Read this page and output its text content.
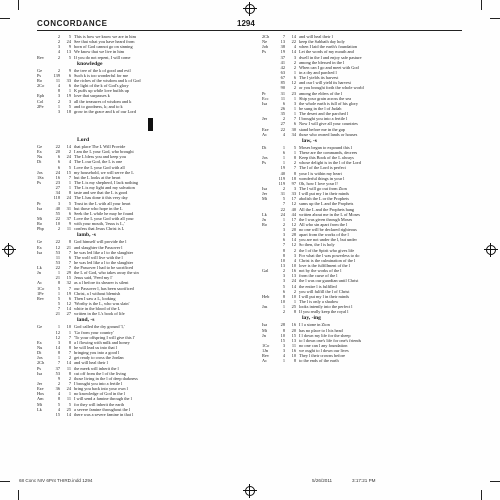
CONCORDANCE	1294
2	5 This is how we know we are in him
2	24 See that what you have heard from
3	9 born of God cannot go on sinning
4	13 We know that we live in him
Rev	2	5 If you do not repent, I will come
knowledge
Ge	2	9 the tree of the k of good and evil
Ps	139	6 Such k is too wonderful for me
Ro	11	33 the riches of the wisdom and k of God
2Co	4	6 the light of the k of God's glory
8	1 K puffs up while love builds up
Eph	3	19 love that surpasses k
Col	2	3 all the treasures of wisdom and k
2Pe	1	5 and to goodness, k; and to k
3	18 grow in the grace and k of our Lord
Lord
Ge	22	14 that place The L Will Provide
Ex	20	2 I am the L your God, who brought
Nu	6	24 The L bless you and keep you
Dt	6	4 The L our God, the L is one
6	5 Love the L your God with all
Jos	24	15 my household, we will serve the L
1Sa	16	7 but the L looks at the heart
Ps	23	1 The L is my shepherd, I lack nothing
27	1 The L is my light and my salvation
34	8 taste and see that the L is good
118	24 The L has done it this very day
Pr	3	5 Trust in the L with all your heart
Isa	40	31 but those who hope in the L
55	6 Seek the L while he may be found
Mt	22	37 Love the L your God with all your
Ro	10	9 with your mouth, 'Jesus is L,'
Php	2	11 confess that Jesus Christ is L
lamb, -s
Ge	22	8 God himself will provide the l
Ex	12	21 and slaughter the Passover l
Isa	53	7 he was led like a l to the slaughter
11	6 The wolf will live with the l
53	7 he was led like a l to the slaughter
Lk	22	7 the Passover l had to be sacrificed
Jn	1	29 the L of God, who takes away the sin
21	15 Jesus said, 'Feed my l'
Ac	8	32 as a l before its shearer is silent
1Co	5	7 our Passover l, has been sacrificed
1Pe	1	19 Christ, a l without blemish
Rev	5	6 Then I saw a L, looking
5	12 'Worthy is the L, who was slain'
7	14 white in the blood of the L
21	27 written in the L's book of life
land, -s
Ge	1	10 God called the dry ground 'l,'
12	1 'Go from your country'
12	7 'To your offspring I will give this l'
Ex	3	8 a l flowing with milk and honey
Nu	14	8 he will lead us into that l
Dt	8	7 bringing you into a good l
Jos	1	2 get ready to cross the Jordan
2Ch	7	14 and will heal their l
Ps	37	11 the meek will inherit the l
Isa	53	8 cut off from the l of the living
9	2 those living in the l of deep darkness
Jer	2	7 I brought you into a fertile l
Eze	36	24 bring you back into your own l
Hos	4	1 no knowledge of God in the l
Am	8	11 I will send a famine through the l
Mt	5	5 for they will inherit the earth
Lk	4	25 a severe famine throughout the l
15	14 there was a severe famine in that l
2Ch	7	14 and will heal their l
Ne	13	22 keep the Sabbath day holy
Job	38	4 when I laid the earth's foundation
Ps	19	14 Let the words of my mouth and
37	3 dwell in the l and enjoy safe pasture
41	2 among the blessed in the l
42	2 When can I go and meet with God
63	1 in a dry and parched l
67	6 The l yields its harvest
85	12 and our l will yield its harvest
90	2 or you brought forth the whole world
Pr	31	23 among the elders of the l
Ecc	11	1 Ship your grain across the sea
Isa	6	3 the whole earth is full of his glory
26	1 be sung in the l of Judah
35	1 The desert and the parched l
Jer	2	7 I brought you into a fertile l
27	6 Now I will give all your countries
Eze	22	30 stand before me in the gap
Ac	4	34 those who owned lands or houses
law, -s
Dt	1	5 Moses began to expound this l
6	1 These are the commands, decrees
Jos	1	8 Keep this Book of the L always
Ps	1	2 whose delight is in the l of the Lord
19	7 The l of the Lord is perfect
40	8 your l is within my heart
119	18 wonderful things in your l
119	97 Oh, how I love your l!
Isa	2	3 The l will go out from Zion
Jer	31	33 I will put my l in their minds
Mt	5	17 abolish the L or the Prophets
7	12 sums up the L and the Prophets
22	40 All the L and the Prophets hang
Lk	24	44 written about me in the L of Moses
Jn	1	17 the l was given through Moses
Ro	2	12 All who sin apart from the l
3	20 no one will be declared righteous
3	28 apart from the works of the l
6	14 you are not under the l, but under
7	12 So then, the l is holy
8	2 the l of the Spirit who gives life
8	3 For what the l was powerless to do
10	4 Christ is the culmination of the l
13	10 love is the fulfillment of the l
Gal	2	16 not by the works of the l
3	13 from the curse of the l
3	24 the l was our guardian until Christ
5	14 the entire l is fulfilled
6	2 you will fulfill the l of Christ
Heb	8	10 I will put my l in their minds
10	1 The l is only a shadow
Jas	1	25 looks intently into the perfect l
2	8 If you really keep the royal l
lay, -ing
Isa	28	16 I l a stone in Zion
Mt	8	20 has no place to l his head
Jn	10	15 I l down my life for the sheep
15	13 to l down one's life for one's friends
1Co	3	11 no one can l any foundation
1Jn	3	16 we ought to l down our lives
Rev	4	10 They l their crowns before
Ac	1	8 to the ends of the earth
68 Conc NIV 6Pnt THIRD.indd 1294	5/26/2011	3:17:21 PM
